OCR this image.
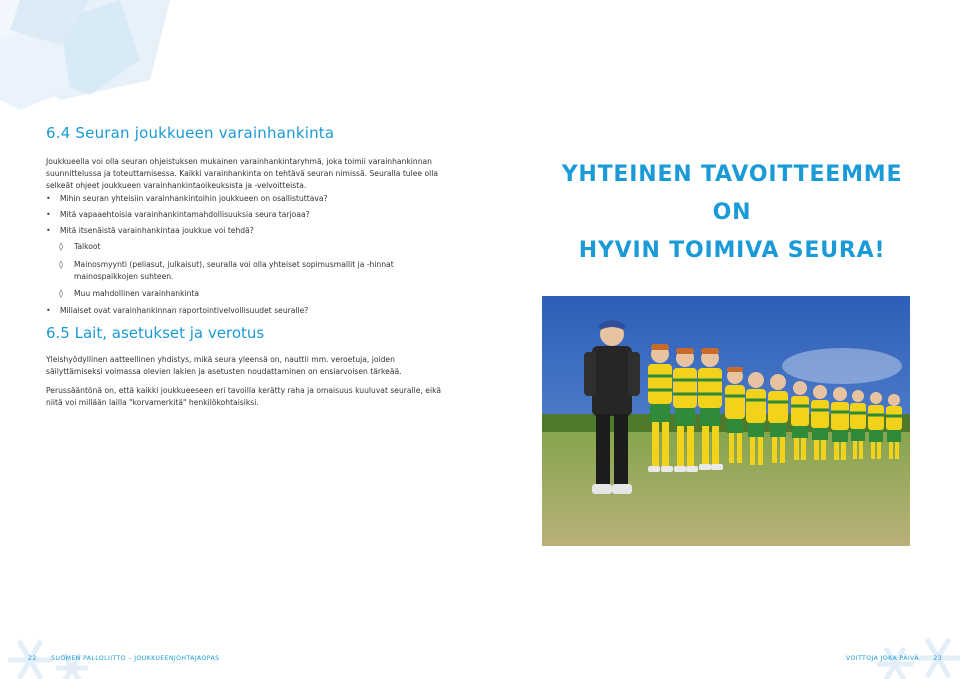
6.4 Seuran joukkueen varainhankinta

Joukkueella voi olla seuran ohjeistuksen mukainen varainhankintaryhmä, joka toimii varainhankinnan suunnittelussa ja toteuttamisessa. Kaikki varainhankinta on tehtävä seuran nimissä. Seuralla tulee olla selkeät ohjeet joukkueen varainhankintaoikeuksista ja -velvoitteista.

• Mihin seuran yhteisiin varainhankintoihin joukkueen on osallistuttava?
• Mitä vapaaehtoisia varainhankintamahdollisuuksia seura tarjoaa?
• Mitä itsenäistä varainhankintaa joukkue voi tehdä?
◊ Talkoot
◊ Mainosmyynti (peliasut, julkaisut), seuralla voi olla yhteiset sopimusmallit ja -hinnat mainospaikkojen suhteen.
◊ Muu mahdollinen varainhankinta
• Millaiset ovat varainhankinnan raportointivelvollisuudet seuralle?
6.5 Lait, asetukset ja verotus

Yleishyödyllinen aatteellinen yhdistys, mikä seura yleensä on, nauttii mm. veroetuja, joiden säilyttämiseksi voimassa olevien lakien ja asetusten noudattaminen on ensiarvoisen tärkeää.

Perussääntönä on, että kaikki joukkueeseen eri tavoilla kerätty raha ja omaisuus kuuluvat seuralle, eikä niitä voi millään lailla "korvamerkitä" henkilökohtaisiksi.

22 SUOMEN PALLOLIITTO – JOUKKUEENJOHTAJAOPAS
YHTEINEN TAVOITTEEMME ON
HYVIN TOIMIVA SEURA!
VOITTOJA JOKA PÄIVÄ 23
